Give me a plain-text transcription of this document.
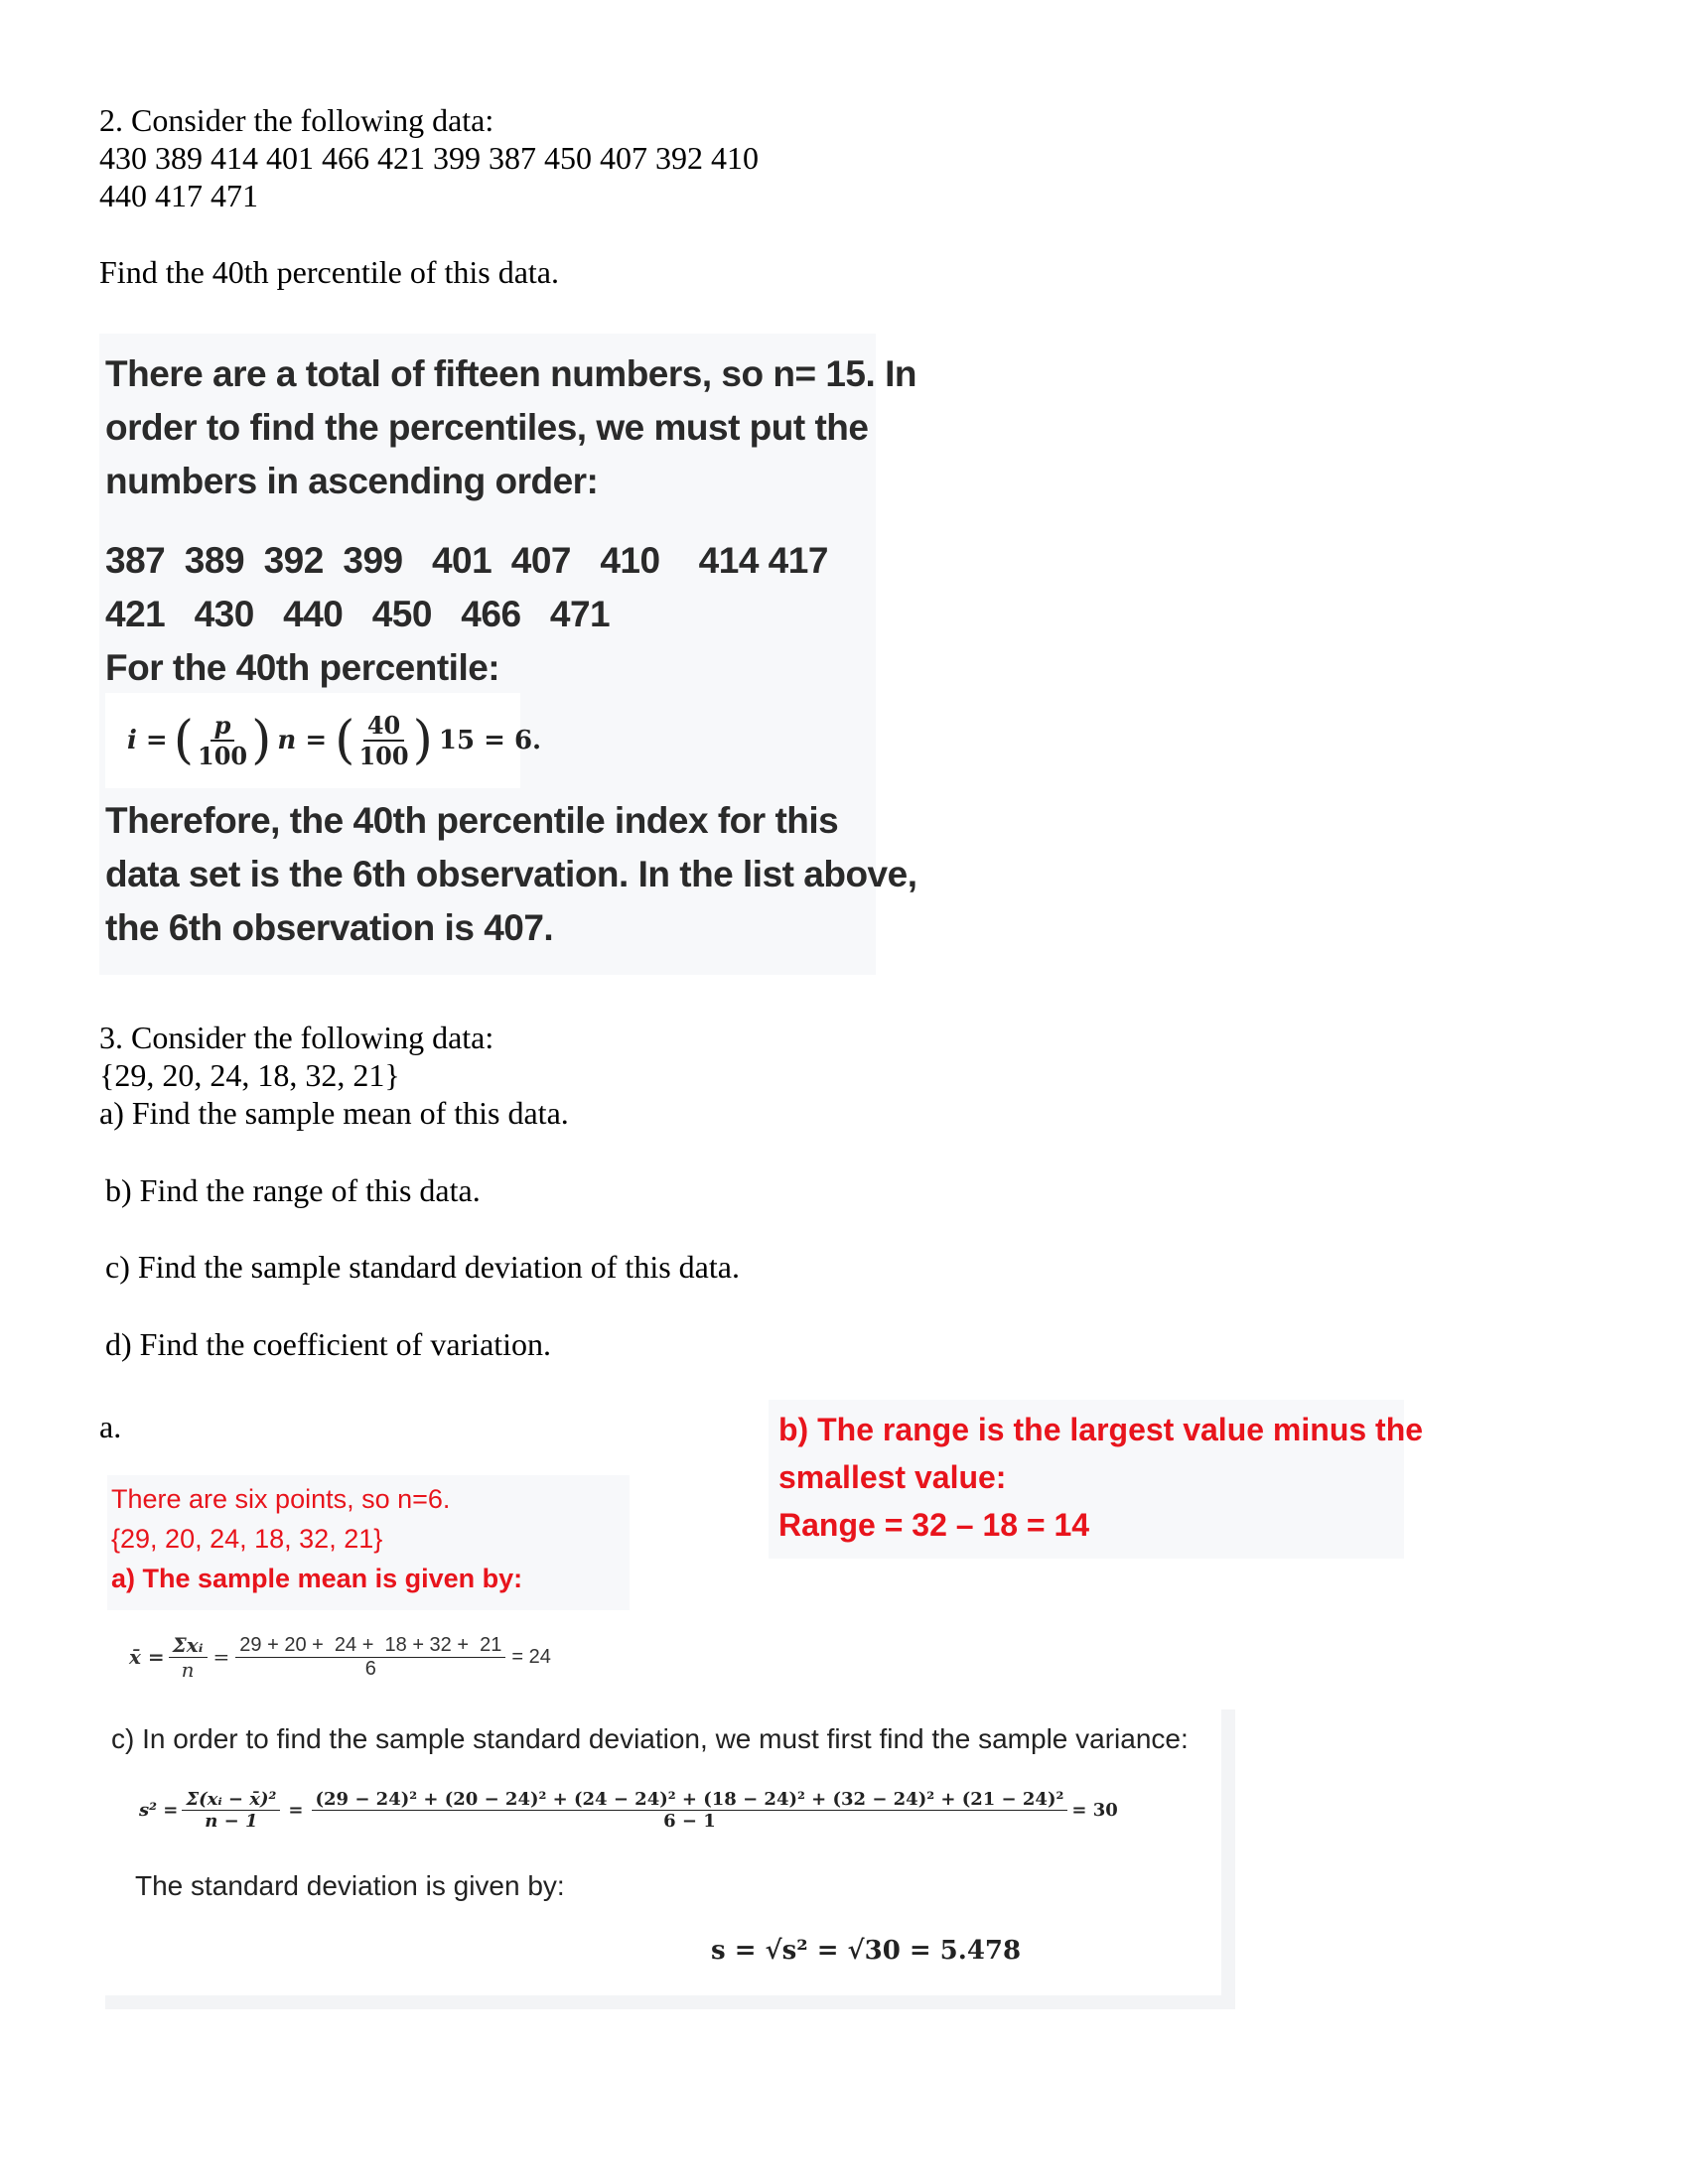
2. Consider the following data:
430 389 414 401 466 421 399 387 450 407 392 410
440 417 471
Find the 40th percentile of this data.
There are a total of fifteen numbers, so n= 15. In
order to find the percentiles, we must put the
numbers in ascending order:
387  389  392  399   401  407   410    414 417
421   430   440   450   466   471
For the 40th percentile:
i = ( $\frac{p}{100}$ ) n = ( $\frac{40}{100}$ ) 15 = 6.
Therefore, the 40th percentile index for this
data set is the 6th observation. In the list above,
the 6th observation is 407.
3. Consider the following data:
{29, 20, 24, 18, 32, 21}
a) Find the sample mean of this data.
b) Find the range of this data.
c) Find the sample standard deviation of this data.
d) Find the coefficient of variation.
a.
There are six points, so n=6.
{29, 20, 24, 18, 32, 21}
a) The sample mean is given by:
x̄ = $\frac{\text{Σxᵢ}}{n} = \frac{29 + 20 + 24 + 18 + 32 + 21}{6} = 24$
b) The range is the largest value minus the
smallest value:
Range = 32 – 18 = 14
c) In order to find the sample standard deviation, we must first find the sample variance:
$s^2 = \frac{\text{Σ(xᵢ − x̄)²}}{n - 1}$ =
(29 − 24)² + (20 − 24)² + (24 − 24)² + (18 − 24)² + (32 − 24)² + (21 − 24)²
6 − 1
= 30
The standard deviation is given by:
s = √s² = √30 = 5.478
